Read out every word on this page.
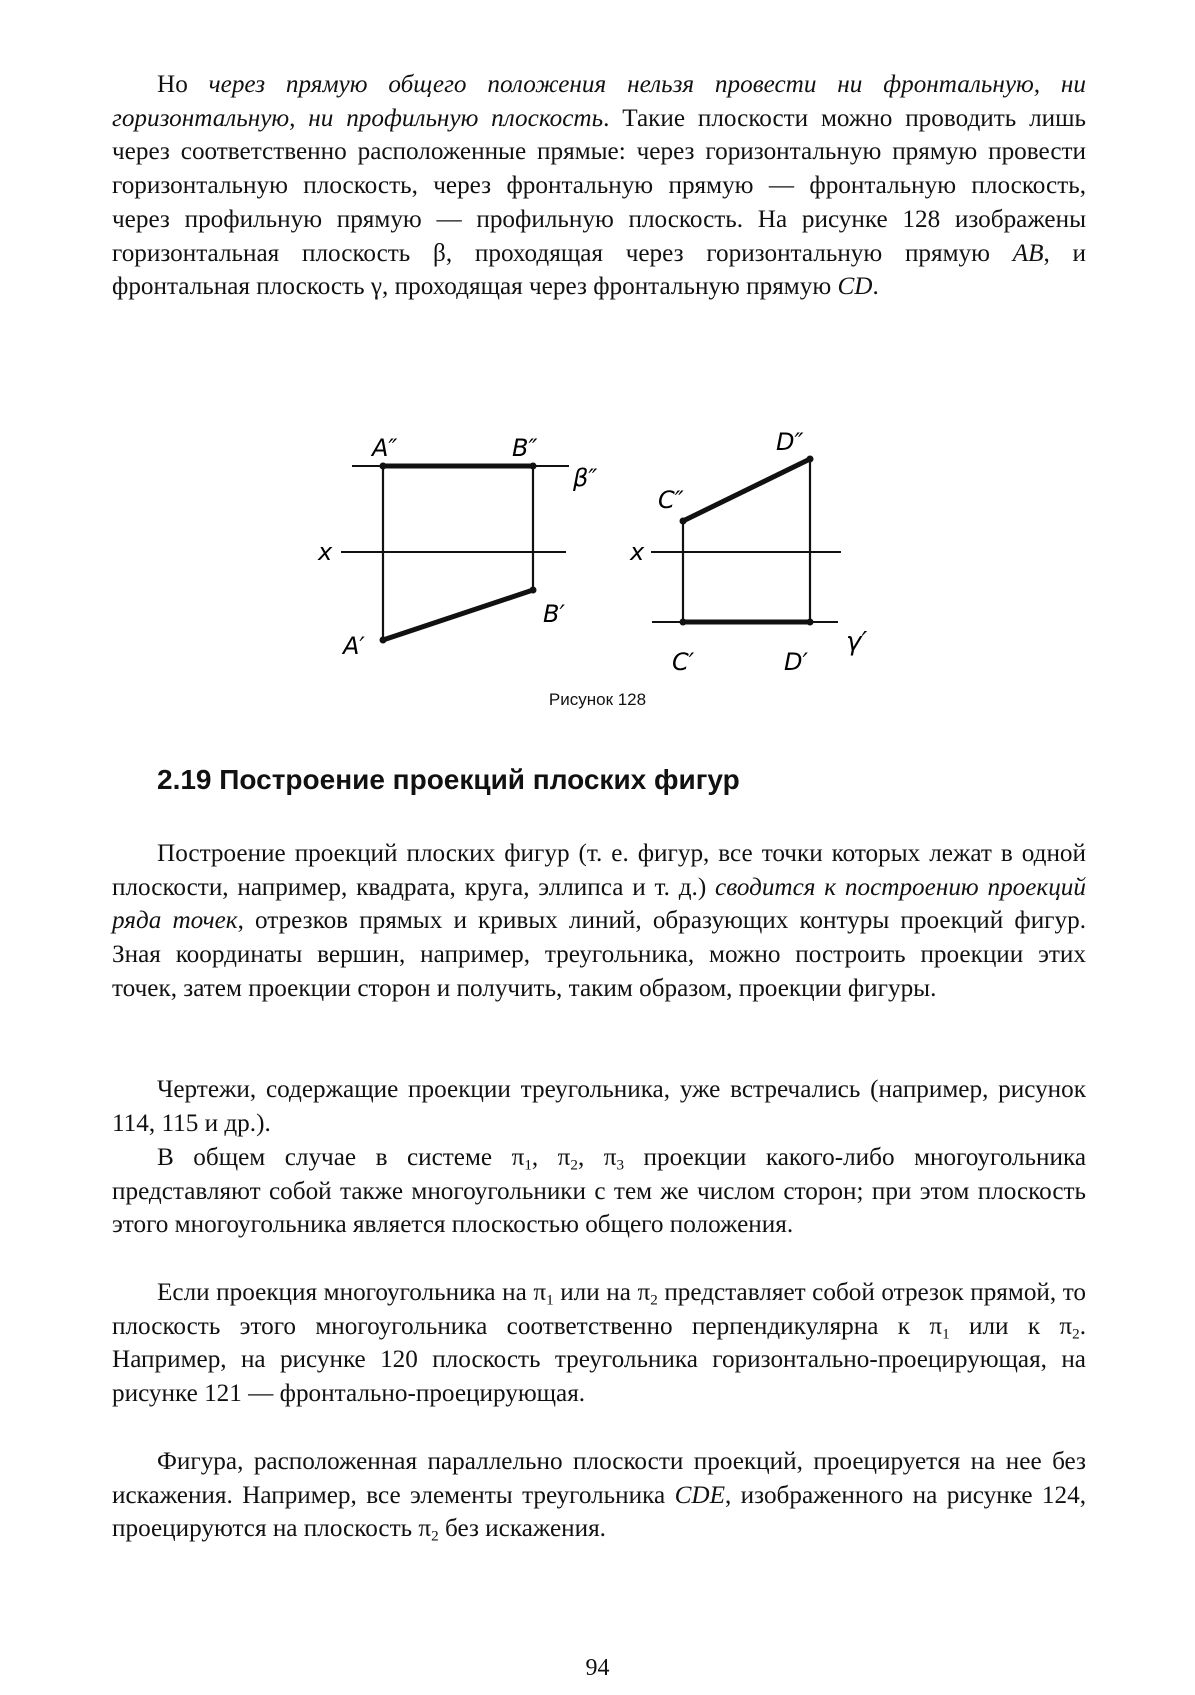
Но через прямую общего положения нельзя провести ни фронтальную, ни горизонтальную, ни профильную плоскость. Такие плоскости можно проводить лишь через соответственно расположенные прямые: через горизонтальную прямую провести горизонтальную плоскость, через фронтальную прямую — фронтальную плоскость, через профильную прямую — профильную плоскость. На рисунке 128 изображены горизонтальная плоскость β, проходящая через горизонтальную прямую AB, и фронтальная плоскость γ, проходящая через фронтальную прямую CD.

A″	B″
β″
x
A′
B′
D″
C″
x
C′	D′
γ′
Рисунок 128
2.19 Построение проекций плоских фигур

Построение проекций плоских фигур (т. е. фигур, все точки которых лежат в одной плоскости, например, квадрата, круга, эллипса и т. д.) сводится к построению проекций ряда точек, отрезков прямых и кривых линий, образующих контуры проекций фигур. Зная координаты вершин, например, треугольника, можно построить проекции этих точек, затем проекции сторон и получить, таким образом, проекции фигуры.

Чертежи, содержащие проекции треугольника, уже встречались (например, рисунок 114, 115 и др.).

В общем случае в системе $\pi_1$, $\pi_2$, $\pi_3$ проекции какого-либо многоугольника представляют собой также многоугольники с тем же числом сторон; при этом плоскость этого многоугольника является плоскостью общего положения.

Если проекция многоугольника на $\pi_1$ или на $\pi_2$ представляет собой отрезок прямой, то плоскость этого многоугольника соответственно перпендикулярна к $\pi_1$ или к $\pi_2$. Например, на рисунке 120 плоскость треугольника горизонтально-проецирующая, на рисунке 121 — фронтально-проецирующая.

Фигура, расположенная параллельно плоскости проекций, проецируется на нее без искажения. Например, все элементы треугольника CDE, изображенного на рисунке 124, проецируются на плоскость $\pi_2$ без искажения.

94
